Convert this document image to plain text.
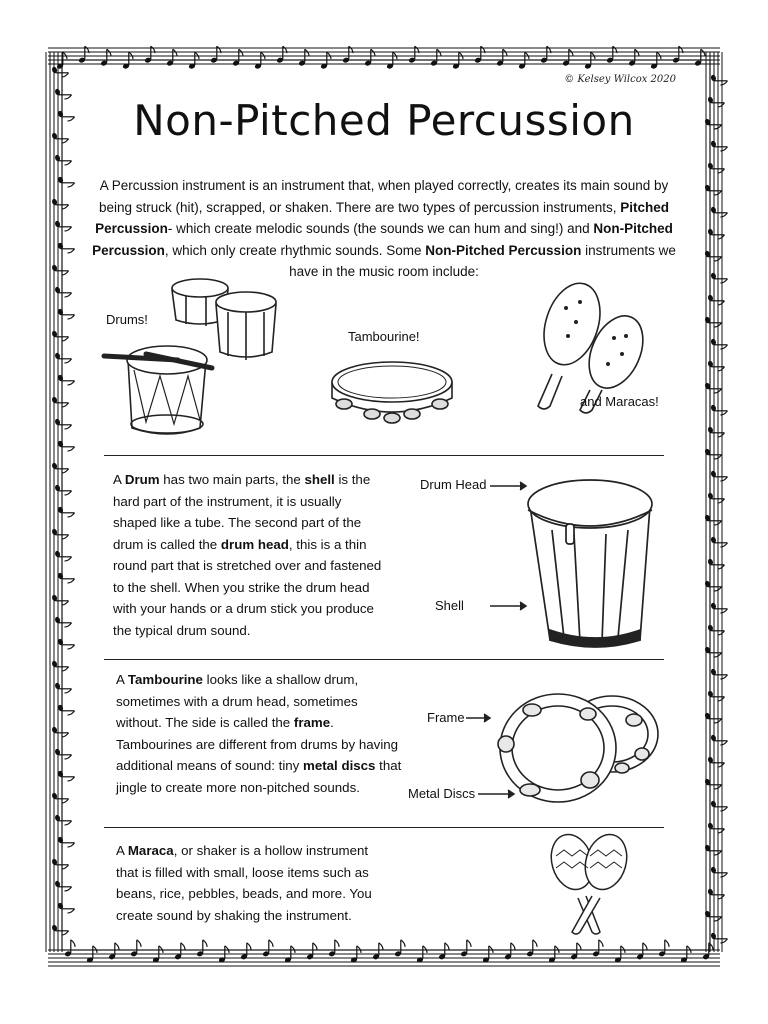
© Kelsey Wilcox 2020
Non-Pitched Percussion
A Percussion instrument is an instrument that, when played correctly, creates its main sound by being struck (hit), scrapped, or shaken. There are two types of percussion instruments, Pitched Percussion- which create melodic sounds (the sounds we can hum and sing!) and Non-Pitched Percussion, which only create rhythmic sounds. Some Non-Pitched Percussion instruments we have in the music room include:
Drums!
Tambourine!
and Maracas!
A Drum has two main parts, the shell is the hard part of the instrument, it is usually shaped like a tube. The second part of the drum is called the drum head, this is a thin round part that is stretched over and fastened to the shell. When you strike the drum head with your hands or a drum stick you produce the typical drum sound.
Drum Head
Shell
A Tambourine looks like a shallow drum, sometimes with a drum head, sometimes without. The side is called the frame. Tambourines are different from drums by having additional means of sound: tiny metal discs that jingle to create more non-pitched sounds.
Frame
Metal Discs
A Maraca, or shaker is a hollow instrument that is filled with small, loose items such as beans, rice, pebbles, beads, and more. You create sound by shaking the instrument.
